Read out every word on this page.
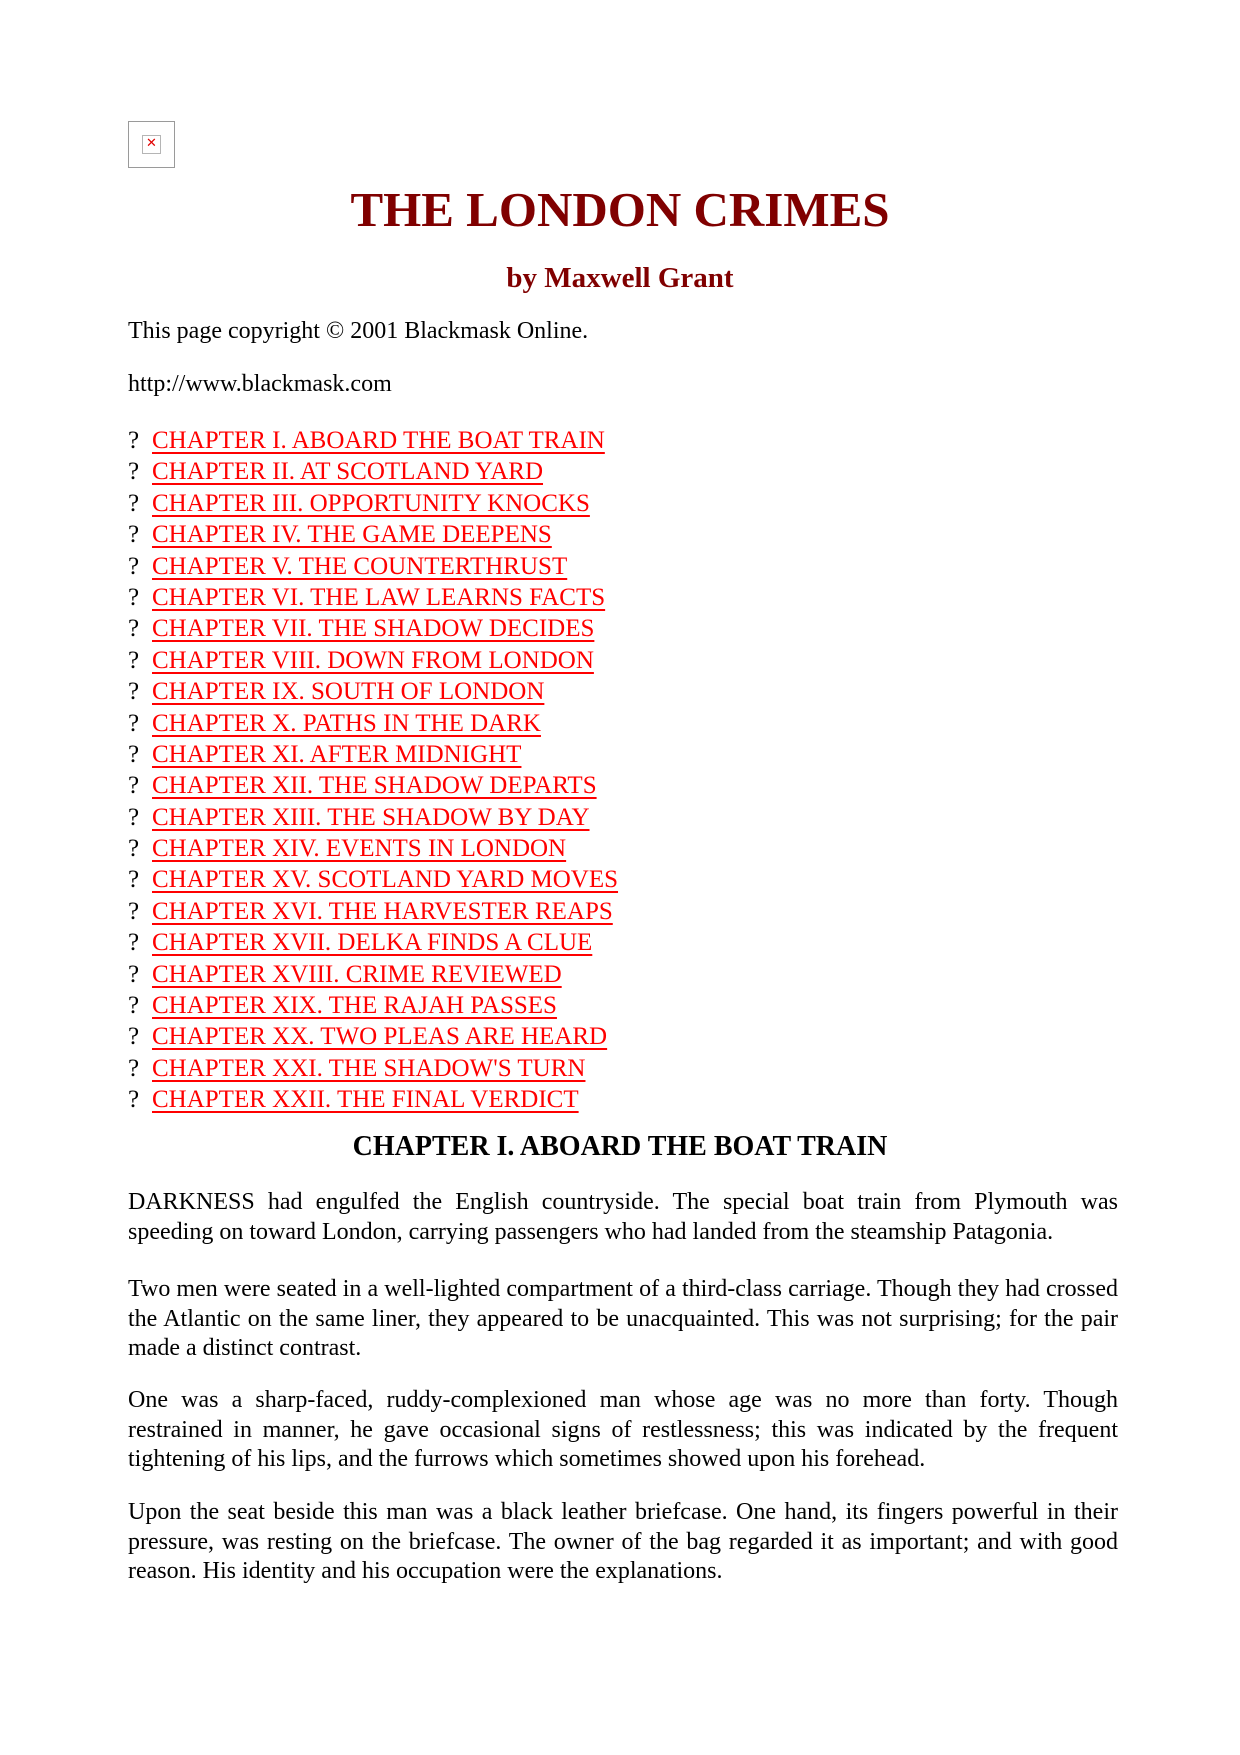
✕
THE LONDON CRIMES
by Maxwell Grant
This page copyright © 2001 Blackmask Online.
http://www.blackmask.com
? CHAPTER I. ABOARD THE BOAT TRAIN
? CHAPTER II. AT SCOTLAND YARD
? CHAPTER III. OPPORTUNITY KNOCKS
? CHAPTER IV. THE GAME DEEPENS
? CHAPTER V. THE COUNTERTHRUST
? CHAPTER VI. THE LAW LEARNS FACTS
? CHAPTER VII. THE SHADOW DECIDES
? CHAPTER VIII. DOWN FROM LONDON
? CHAPTER IX. SOUTH OF LONDON
? CHAPTER X. PATHS IN THE DARK
? CHAPTER XI. AFTER MIDNIGHT
? CHAPTER XII. THE SHADOW DEPARTS
? CHAPTER XIII. THE SHADOW BY DAY
? CHAPTER XIV. EVENTS IN LONDON
? CHAPTER XV. SCOTLAND YARD MOVES
? CHAPTER XVI. THE HARVESTER REAPS
? CHAPTER XVII. DELKA FINDS A CLUE
? CHAPTER XVIII. CRIME REVIEWED
? CHAPTER XIX. THE RAJAH PASSES
? CHAPTER XX. TWO PLEAS ARE HEARD
? CHAPTER XXI. THE SHADOW'S TURN
? CHAPTER XXII. THE FINAL VERDICT
CHAPTER I. ABOARD THE BOAT TRAIN

DARKNESS had engulfed the English countryside. The special boat train from Plymouth was speeding on toward London, carrying passengers who had landed from the steamship Patagonia.

Two men were seated in a well-lighted compartment of a third-class carriage. Though they had crossed the Atlantic on the same liner, they appeared to be unacquainted. This was not surprising; for the pair made a distinct contrast.

One was a sharp-faced, ruddy-complexioned man whose age was no more than forty. Though restrained in manner, he gave occasional signs of restlessness; this was indicated by the frequent tightening of his lips, and the furrows which sometimes showed upon his forehead.

Upon the seat beside this man was a black leather briefcase. One hand, its fingers powerful in their pressure, was resting on the briefcase. The owner of the bag regarded it as important; and with good reason. His identity and his occupation were the explanations.
